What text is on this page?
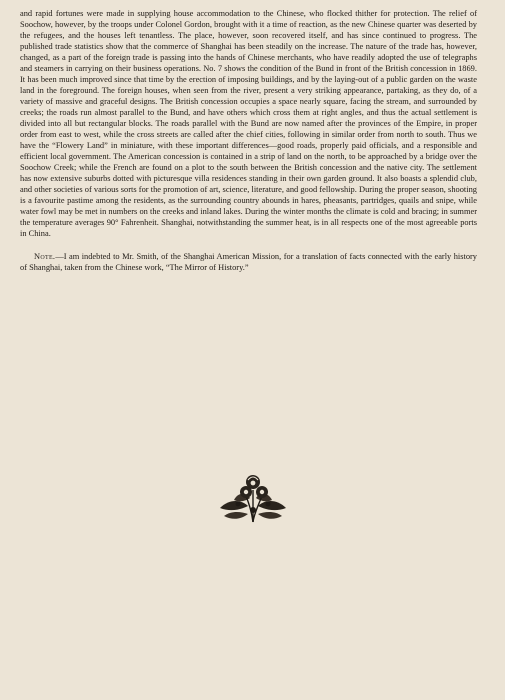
and rapid fortunes were made in supplying house accommodation to the Chinese, who flocked thither for protection. The relief of Soochow, however, by the troops under Colonel Gordon, brought with it a time of reaction, as the new Chinese quarter was deserted by the refugees, and the houses left tenantless. The place, however, soon recovered itself, and has since continued to progress. The published trade statistics show that the commerce of Shanghai has been steadily on the increase. The nature of the trade has, however, changed, as a part of the foreign trade is passing into the hands of Chinese merchants, who have readily adopted the use of telegraphs and steamers in carrying on their business operations. No. 7 shows the condition of the Bund in front of the British concession in 1869. It has been much improved since that time by the erection of imposing buildings, and by the laying-out of a public garden on the waste land in the foreground. The foreign houses, when seen from the river, present a very striking appearance, partaking, as they do, of a variety of massive and graceful designs. The British concession occupies a space nearly square, facing the stream, and surrounded by creeks; the roads run almost parallel to the Bund, and have others which cross them at right angles, and thus the actual settlement is divided into all but rectangular blocks. The roads parallel with the Bund are now named after the provinces of the Empire, in proper order from east to west, while the cross streets are called after the chief cities, following in similar order from north to south. Thus we have the “Flowery Land” in miniature, with these important differences—good roads, properly paid officials, and a responsible and efficient local government. The American concession is contained in a strip of land on the north, to be approached by a bridge over the Soochow Creek; while the French are found on a plot to the south between the British concession and the native city. The settlement has now extensive suburbs dotted with picturesque villa residences standing in their own garden ground. It also boasts a splendid club, and other societies of various sorts for the promotion of art, science, literature, and good fellowship. During the proper season, shooting is a favourite pastime among the residents, as the surrounding country abounds in hares, pheasants, partridges, quails and snipe, while water fowl may be met in numbers on the creeks and inland lakes. During the winter months the climate is cold and bracing; in summer the temperature averages 90° Fahrenheit. Shanghai, notwithstanding the summer heat, is in all respects one of the most agreeable ports in China.

Note.—I am indebted to Mr. Smith, of the Shanghai American Mission, for a translation of facts connected with the early history of Shanghai, taken from the Chinese work, “The Mirror of History.”
